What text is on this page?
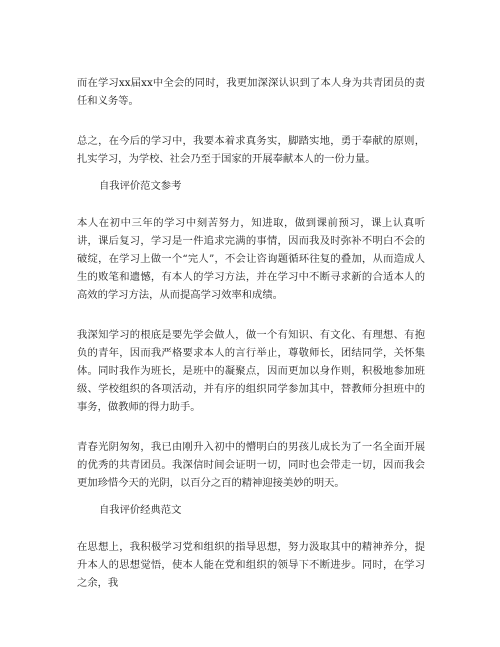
而在学习xx届xx中全会的同时，我更加深深认识到了本人身为共青团员的责任和义务等。

总之，在今后的学习中，我要本着求真务实，脚踏实地，勇于奉献的原则，扎实学习，为学校、社会乃至于国家的开展奉献本人的一份力量。

自我评价范文参考

本人在初中三年的学习中刻苦努力，知进取，做到课前预习，课上认真听讲，课后复习，学习是一件追求完满的事情，因而我及时弥补不明白不会的破绽，在学习上做一个“完人”，不会让咨询题循环往复的叠加，从而造成人生的败笔和遗憾，有本人的学习方法，并在学习中不断寻求新的合适本人的高效的学习方法，从而提高学习效率和成绩。

我深知学习的根底是要先学会做人，做一个有知识、有文化、有理想、有抱负的青年，因而我严格要求本人的言行举止，尊敬师长，团结同学，关怀集体。同时我作为班长，是班中的凝聚点，因而更加以身作则，积极地参加班级、学校组织的各项活动，并有序的组织同学参加其中，替教师分担班中的事务，做教师的得力助手。

青春光阴匆匆，我已由刚升入初中的懵明白的男孩儿成长为了一名全面开展的优秀的共青团员。我深信时间会证明一切，同时也会带走一切，因而我会更加珍惜今天的光阴，以百分之百的精神迎接美妙的明天。

自我评价经典范文

在思想上，我积极学习党和组织的指导思想，努力汲取其中的精神养分，提升本人的思想觉悟，使本人能在党和组织的领导下不断进步。同时，在学习之余，我
